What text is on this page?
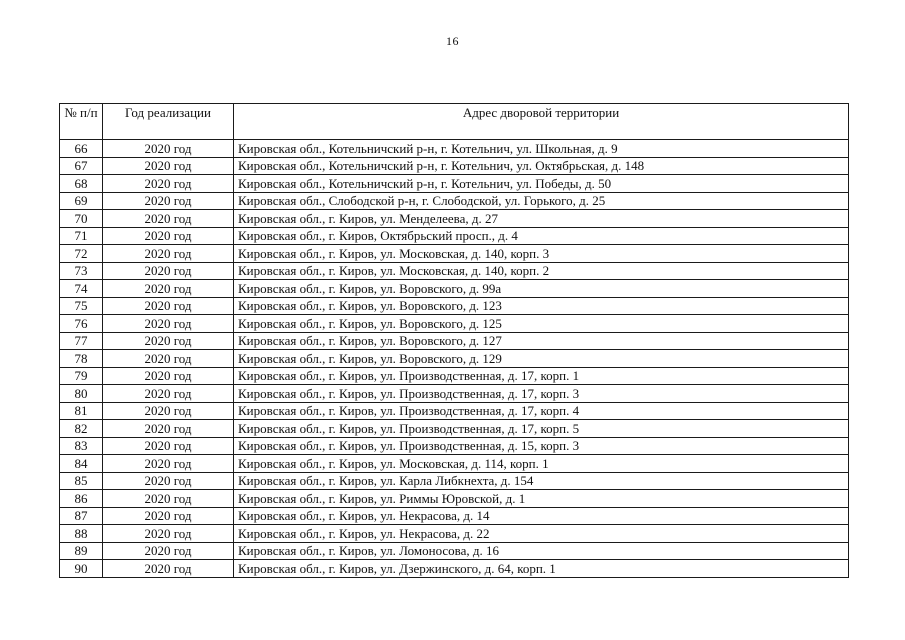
16
№ п/п	Год реализации	Адрес дворовой территории
66	2020 год	Кировская обл., Котельничский р-н, г. Котельнич, ул. Школьная, д. 9
67	2020 год	Кировская обл., Котельничский р-н, г. Котельнич, ул. Октябрьская, д. 148
68	2020 год	Кировская обл., Котельничский р-н, г. Котельнич, ул. Победы, д. 50
69	2020 год	Кировская обл., Слободской р-н, г. Слободской, ул. Горького, д. 25
70	2020 год	Кировская обл., г. Киров, ул. Менделеева, д. 27
71	2020 год	Кировская обл., г. Киров, Октябрьский просп., д. 4
72	2020 год	Кировская обл., г. Киров, ул. Московская, д. 140, корп. 3
73	2020 год	Кировская обл., г. Киров, ул. Московская, д. 140, корп. 2
74	2020 год	Кировская обл., г. Киров, ул. Воровского, д. 99а
75	2020 год	Кировская обл., г. Киров, ул. Воровского, д. 123
76	2020 год	Кировская обл., г. Киров, ул. Воровского, д. 125
77	2020 год	Кировская обл., г. Киров, ул. Воровского, д. 127
78	2020 год	Кировская обл., г. Киров, ул. Воровского, д. 129
79	2020 год	Кировская обл., г. Киров, ул. Производственная, д. 17, корп. 1
80	2020 год	Кировская обл., г. Киров, ул. Производственная, д. 17, корп. 3
81	2020 год	Кировская обл., г. Киров, ул. Производственная, д. 17, корп. 4
82	2020 год	Кировская обл., г. Киров, ул. Производственная, д. 17, корп. 5
83	2020 год	Кировская обл., г. Киров, ул. Производственная, д. 15, корп. 3
84	2020 год	Кировская обл., г. Киров, ул. Московская, д. 114, корп. 1
85	2020 год	Кировская обл., г. Киров, ул. Карла Либкнехта, д. 154
86	2020 год	Кировская обл., г. Киров, ул. Риммы Юровской, д. 1
87	2020 год	Кировская обл., г. Киров, ул. Некрасова, д. 14
88	2020 год	Кировская обл., г. Киров, ул. Некрасова, д. 22
89	2020 год	Кировская обл., г. Киров, ул. Ломоносова, д. 16
90	2020 год	Кировская обл., г. Киров, ул. Дзержинского, д. 64, корп. 1
